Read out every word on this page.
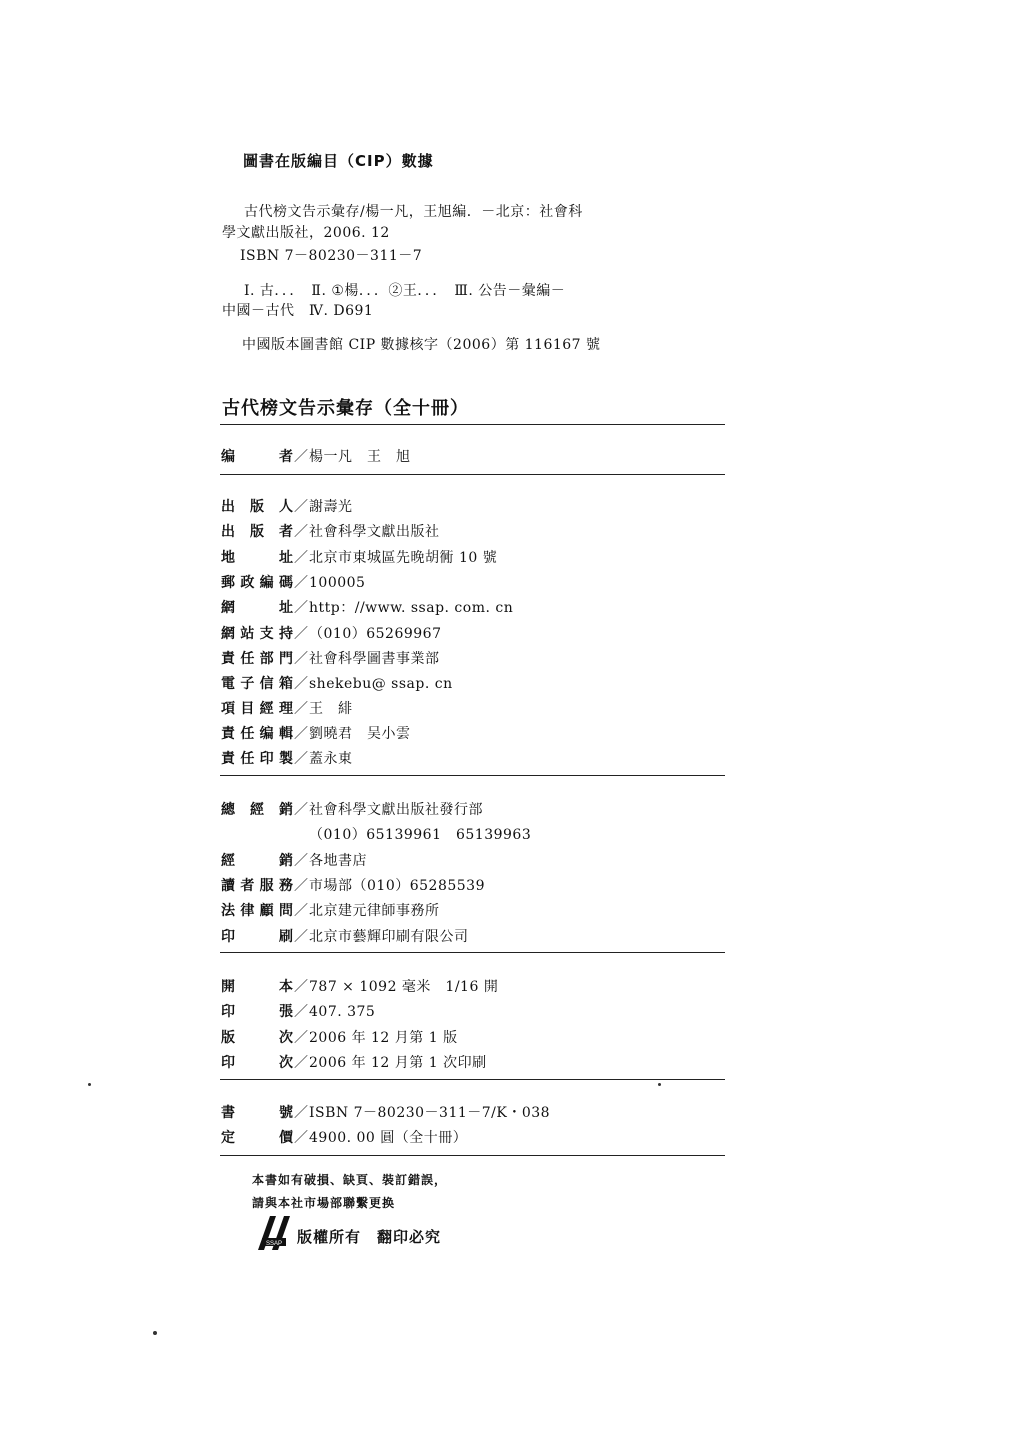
圖書在版編目（CIP）數據
古代榜文告示彙存/楊一凡，王旭編．－北京：社會科
學文獻出版社，2006. 12
ISBN 7－80230－311－7
Ⅰ. 古．．．　Ⅱ. ①楊．．．②王．．．　Ⅲ. 公告－彙編－
中國－古代　Ⅳ. D691
中國版本圖書館 CIP 數據核字（2006）第 116167 號
古代榜文告示彙存（全十冊）
编　　者／楊一凡　王　旭
出 版 人／謝壽光
出 版 者／社會科學文獻出版社
地　　址／北京市東城區先晚胡衕 10 號
郵政編碼／100005
網　　址／http：//www. ssap. com. cn
網站支持／（010）65269967
責任部門／社會科學圖書事業部
電子信箱／shekebu@ ssap. cn
項目經理／王　緋
責任编輯／劉曉君　吴小雲
責任印製／蓋永東
總 經 銷／社會科學文獻出版社發行部
（010）65139961　65139963
經　　銷／各地書店
讀者服務／市場部（010）65285539
法律顧問／北京建元律師事務所
印　　刷／北京市藝輝印刷有限公司
開　　本／787 × 1092 毫米　1/16 開
印　　張／407. 375
版　　次／2006 年 12 月第 1 版
印　　次／2006 年 12 月第 1 次印刷
書　　號／ISBN 7－80230－311－7/K・038
定　　價／4900. 00 圓（全十冊）
本書如有破損、缺頁、裝訂錯誤，
請與本社市場部聯繫更换
SSAP 版權所有　翻印必究
